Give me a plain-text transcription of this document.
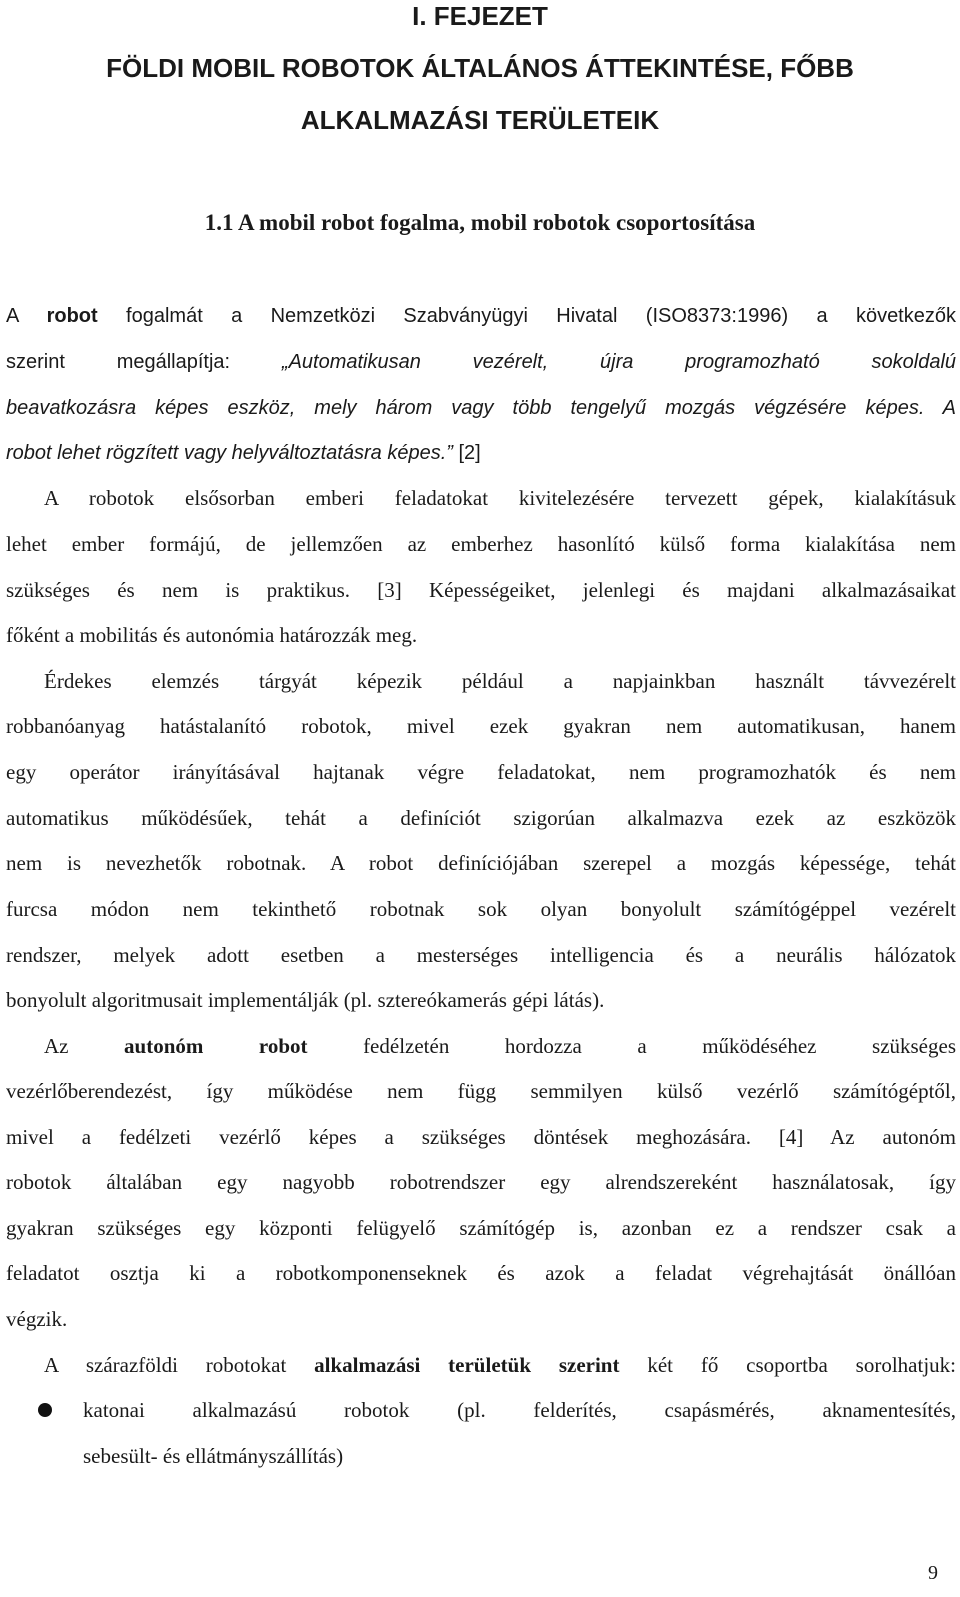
I. FEJEZET
FÖLDI MOBIL ROBOTOK ÁLTALÁNOS ÁTTEKINTÉSE, FŐBB
ALKALMAZÁSI TERÜLETEIK
1.1 A mobil robot fogalma, mobil robotok csoportosítása
A robot fogalmát a Nemzetközi Szabványügyi Hivatal (ISO8373:1996) a következők
szerint megállapítja: „Automatikusan vezérelt, újra programozható sokoldalú
beavatkozásra képes eszköz, mely három vagy több tengelyű mozgás végzésére képes. A
robot lehet rögzített vagy helyváltoztatásra képes.” [2]
A robotok elsősorban emberi feladatokat kivitelezésére tervezett gépek, kialakításuk
lehet ember formájú, de jellemzően az emberhez hasonlító külső forma kialakítása nem
szükséges és nem is praktikus. [3] Képességeiket, jelenlegi és majdani alkalmazásaikat
főként a mobilitás és autonómia határozzák meg.
Érdekes elemzés tárgyát képezik például a napjainkban használt távvezérelt
robbanóanyag hatástalanító robotok, mivel ezek gyakran nem automatikusan, hanem
egy operátor irányításával hajtanak végre feladatokat, nem programozhatók és nem
automatikus működésűek, tehát a definíciót szigorúan alkalmazva ezek az eszközök
nem is nevezhetők robotnak. A robot definíciójában szerepel a mozgás képessége, tehát
furcsa módon nem tekinthető robotnak sok olyan bonyolult számítógéppel vezérelt
rendszer, melyek adott esetben a mesterséges intelligencia és a neurális hálózatok
bonyolult algoritmusait implementálják (pl. sztereókamerás gépi látás).
Az autonóm robot fedélzetén hordozza a működéséhez szükséges
vezérlőberendezést, így működése nem függ semmilyen külső vezérlő számítógéptől,
mivel a fedélzeti vezérlő képes a szükséges döntések meghozására. [4] Az autonóm
robotok általában egy nagyobb robotrendszer egy alrendszereként használatosak, így
gyakran szükséges egy központi felügyelő számítógép is, azonban ez a rendszer csak a
feladatot osztja ki a robotkomponenseknek és azok a feladat végrehajtását önállóan
végzik.
A szárazföldi robotokat alkalmazási területük szerint két fő csoportba sorolhatjuk:
katonai alkalmazású robotok (pl. felderítés, csapásmérés, aknamentesítés,
sebesült- és ellátmányszállítás)
9
